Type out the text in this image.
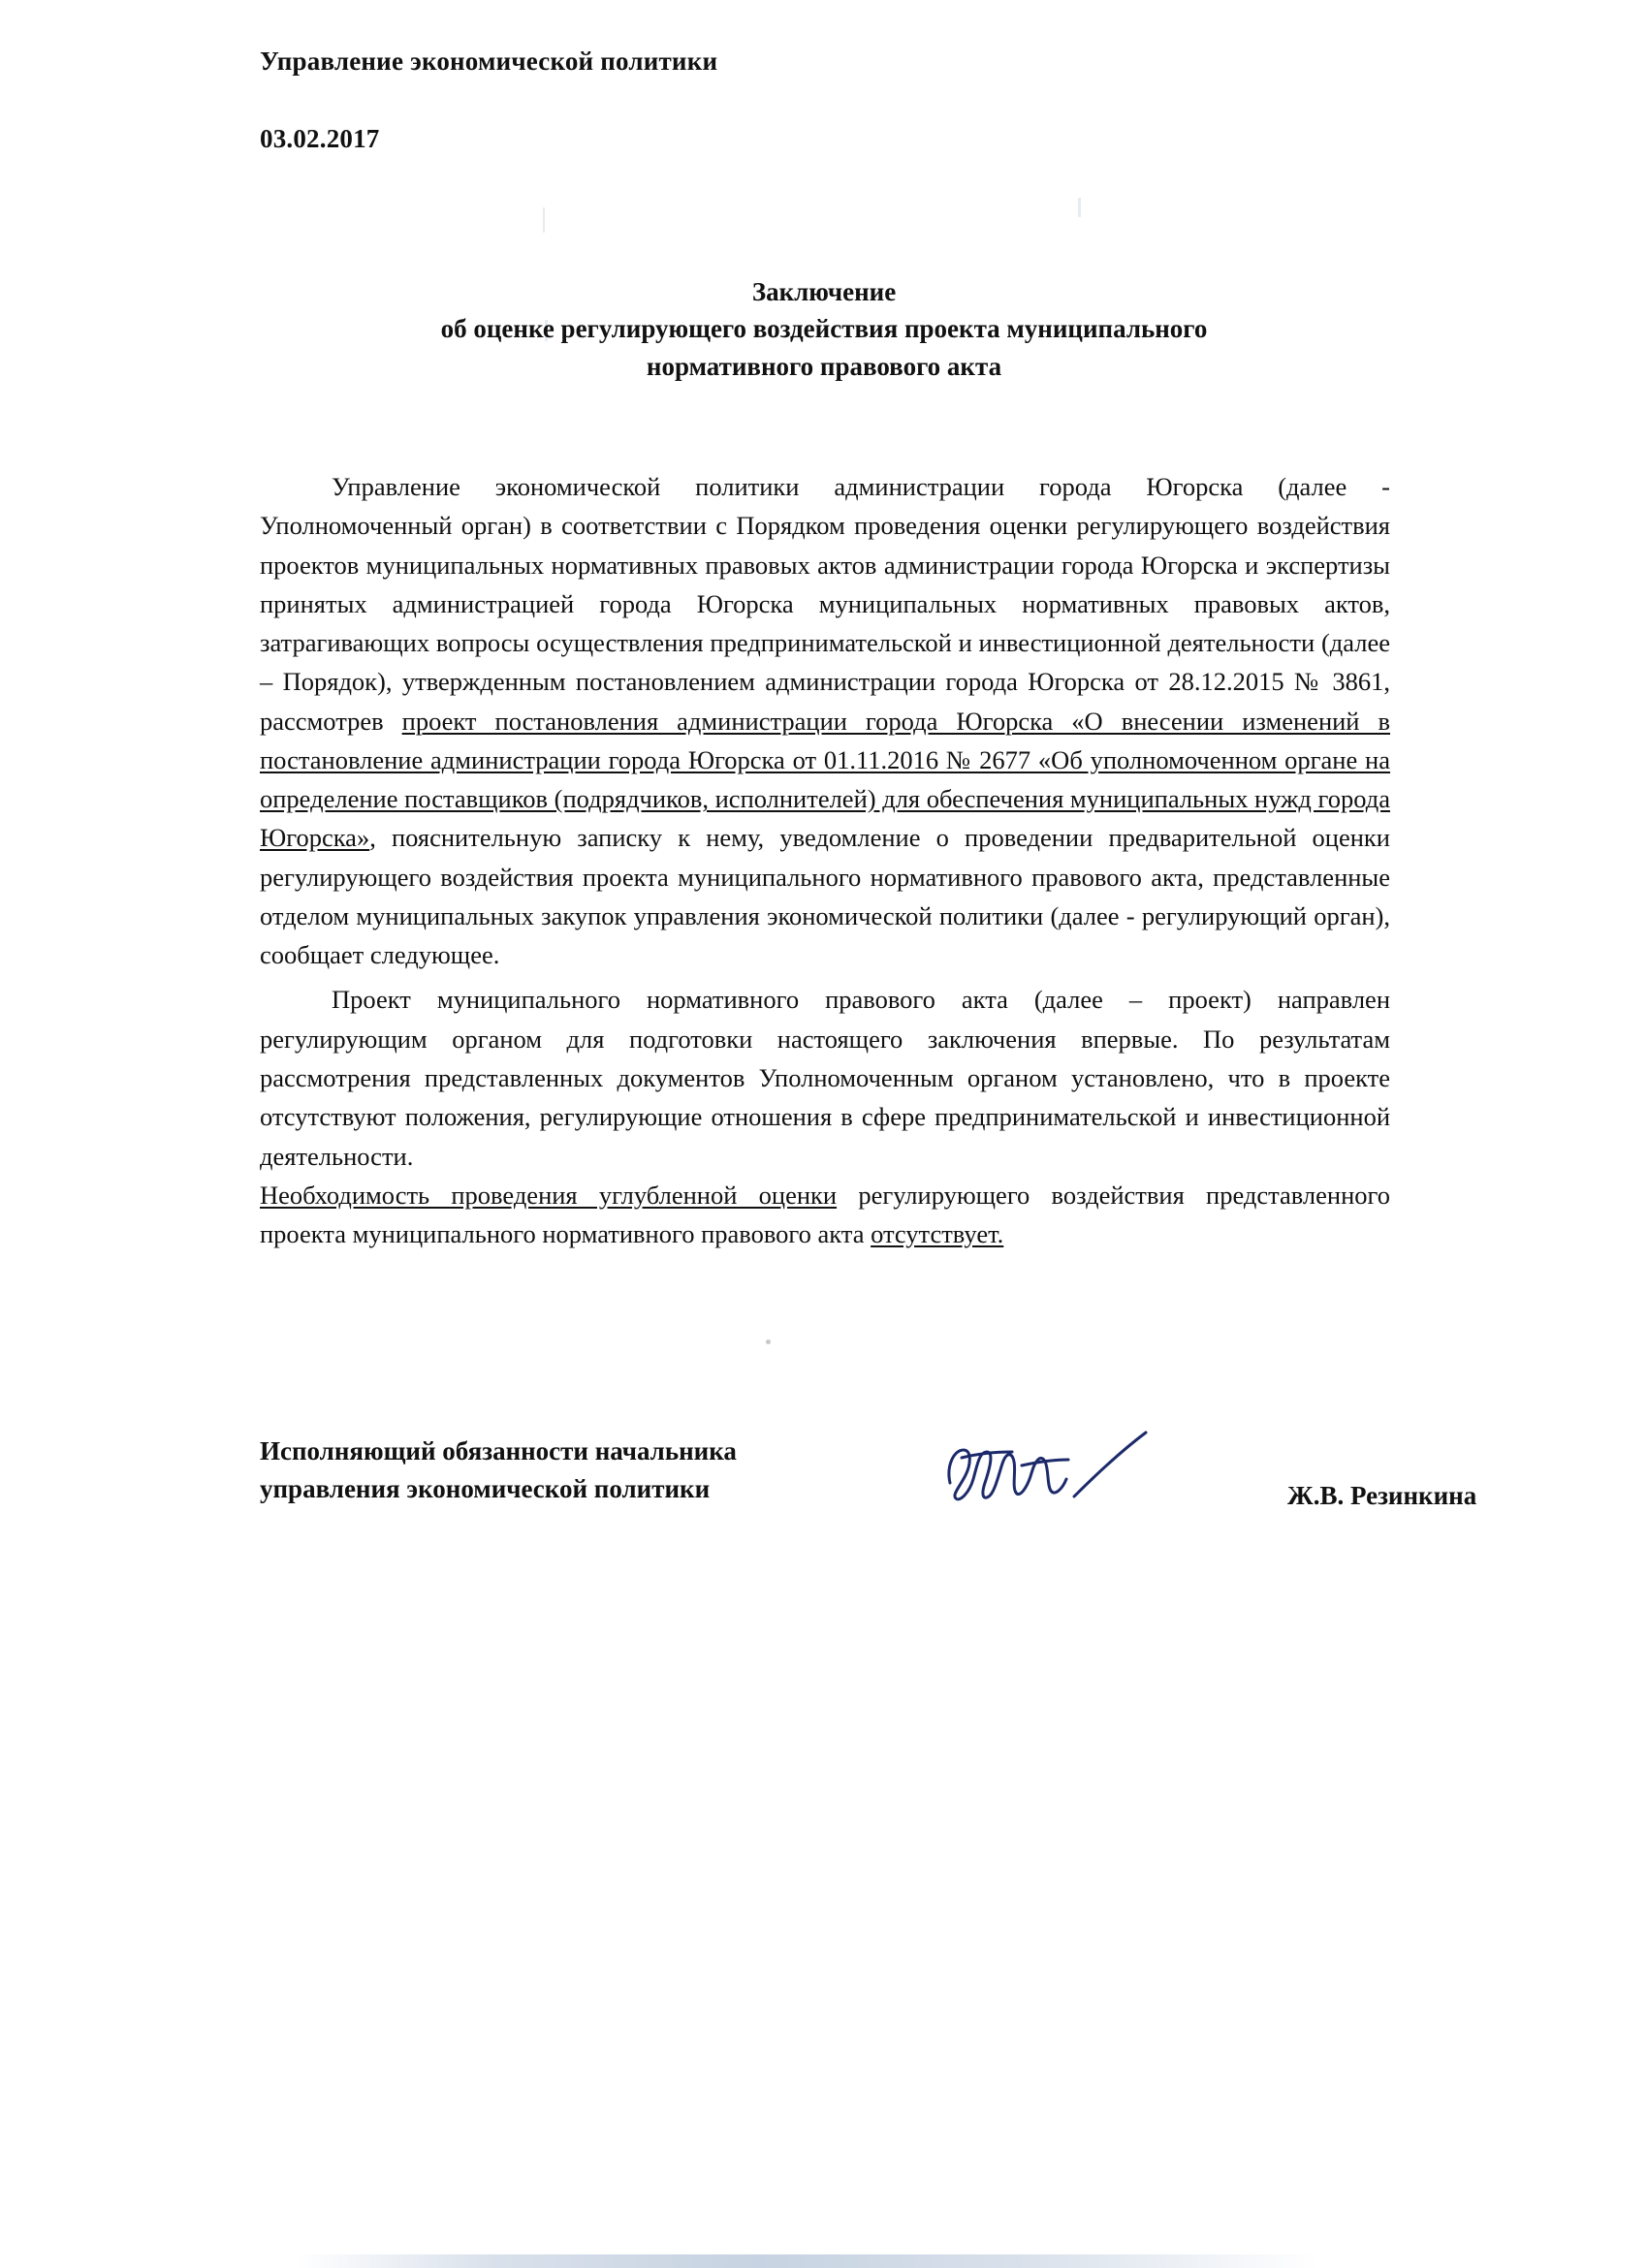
Управление экономической политики
03.02.2017
Заключение
об оценке регулирующего воздействия проекта муниципального
нормативного правового акта

Управление экономической политики администрации города Югорска (далее - Уполномоченный орган) в соответствии с Порядком проведения оценки регулирующего воздействия проектов муниципальных нормативных правовых актов администрации города Югорска и экспертизы принятых администрацией города Югорска муниципальных нормативных правовых актов, затрагивающих вопросы осуществления предпринимательской и инвестиционной деятельности (далее – Порядок), утвержденным постановлением администрации города Югорска от 28.12.2015 № 3861, рассмотрев проект постановления администрации города Югорска «О внесении изменений в постановление администрации города Югорска от 01.11.2016 № 2677 «Об уполномоченном органе на определение поставщиков (подрядчиков, исполнителей) для обеспечения муниципальных нужд города Югорска», пояснительную записку к нему, уведомление о проведении предварительной оценки регулирующего воздействия проекта муниципального нормативного правового акта, представленные отделом муниципальных закупок управления экономической политики (далее - регулирующий орган), сообщает следующее.

Проект муниципального нормативного правового акта (далее – проект) направлен регулирующим органом для подготовки настоящего заключения впервые. По результатам рассмотрения представленных документов Уполномоченным органом установлено, что в проекте отсутствуют положения, регулирующие отношения в сфере предпринимательской и инвестиционной деятельности.

Необходимость проведения углубленной оценки регулирующего воздействия представленного проекта муниципального нормативного правового акта отсутствует.

Исполняющий обязанности начальника
управления экономической политики	Ж.В. Резинкина
